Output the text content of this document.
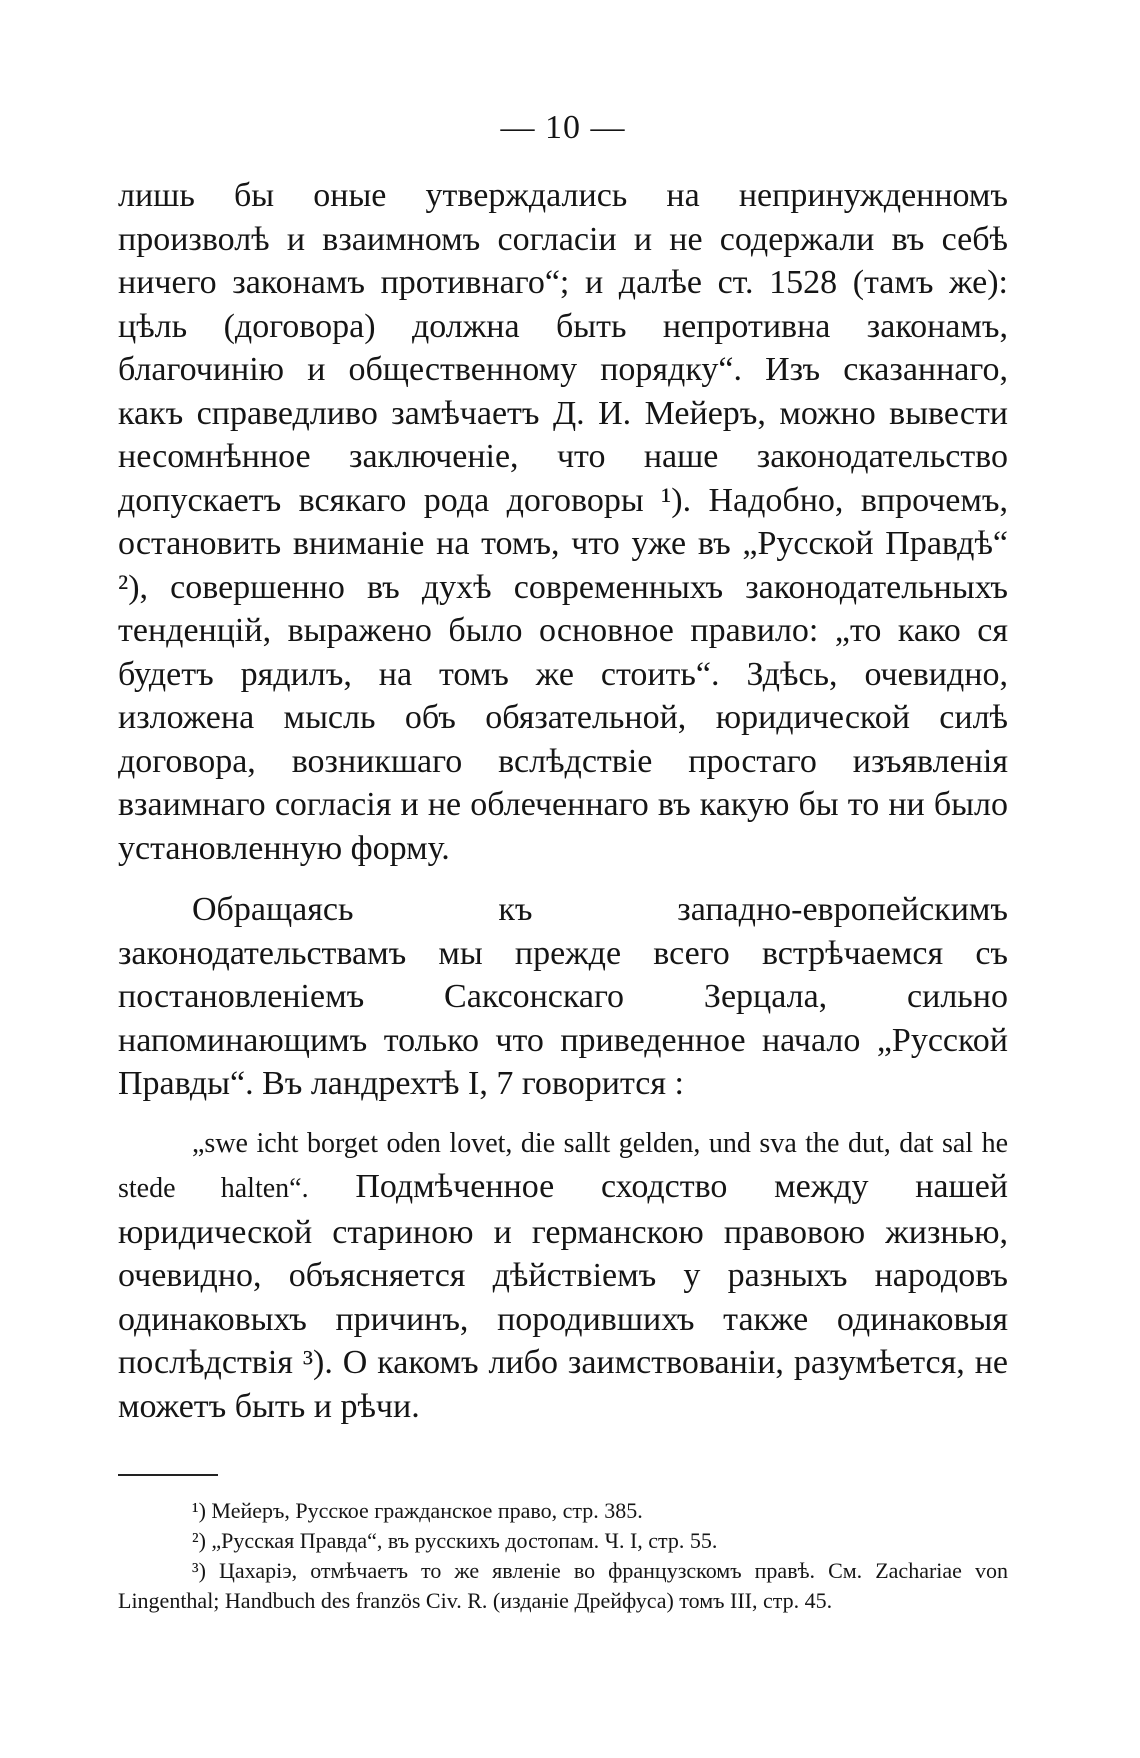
— 10 —

лишь бы оные утверждались на непринужденномъ произволѣ и взаимномъ согласіи и не содержали въ себѣ ничего законамъ противнаго“; и далѣе ст. 1528 (тамъ же): цѣль (договора) должна быть непротивна законамъ, благочинію и общественному порядку“. Изъ сказаннаго, какъ справедливо замѣчаетъ Д. И. Мейеръ, можно вывести несомнѣнное заключеніе, что наше законодательство допускаетъ всякаго рода договоры ¹). Надобно, впрочемъ, остановить вниманіе на томъ, что уже въ „Русской Правдѣ“ ²), совершенно въ духѣ современныхъ законодательныхъ тенденцій, выражено было основное правило: „то како ся будетъ рядилъ, на томъ же стоить“. Здѣсь, очевидно, изложена мысль объ обязательной, юридической силѣ договора, возникшаго вслѣдствіе простаго изъявленія взаимнаго согласія и не облеченнаго въ какую бы то ни было установленную форму.

Обращаясь къ западно-европейскимъ законодательствамъ мы прежде всего встрѣчаемся съ постановленіемъ Саксонскаго Зерцала, сильно напоминающимъ только что приведенное начало „Русской Правды“. Въ ландрехтѣ I, 7 говорится :

„swe icht borget oden lovet, die sallt gelden, und sva the dut, dat sal he stede halten“. Подмѣченное сходство между нашей юридической стариною и германскою правовою жизнью, очевидно, объясняется дѣйствіемъ у разныхъ народовъ одинаковыхъ причинъ, породившихъ также одинаковыя послѣдствія ³). О какомъ либо заимствованіи, разумѣется, не можетъ быть и рѣчи.

¹) Мейеръ, Русское гражданское право, стр. 385.

²) „Русская Правда“, въ русскихъ достопам. Ч. I, стр. 55.

³) Цахаріэ, отмѣчаетъ то же явленіе во французскомъ правѣ. Cм. Zachariae von Lingenthal; Handbuch des französ Civ. R. (изданіе Дрейфуса) томъ III, стр. 45.
